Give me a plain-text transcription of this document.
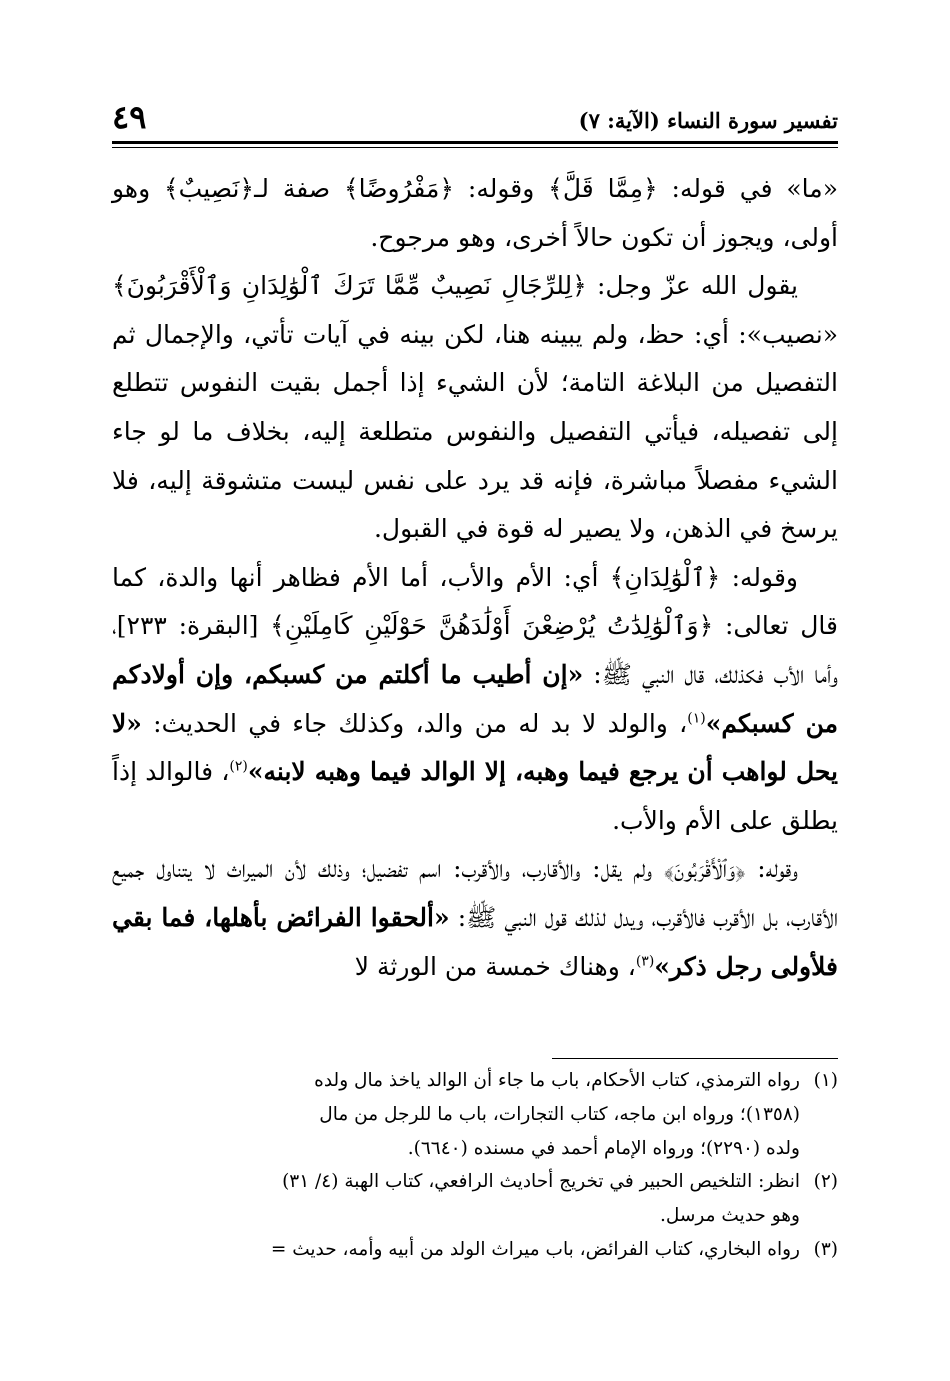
تفسير سورة النساء (الآية: ٧)
٤٩

«ما» في قوله: ﴿مِمَّا قَلَّ﴾ وقوله: ﴿مَفْرُوضًا﴾ صفة لـ﴿نَصِيبٌ﴾ وهو أولى، ويجوز أن تكون حالاً أخرى، وهو مرجوح.

يقول الله عزّ وجل: ﴿لِلرِّجَالِ نَصِيبٌ مِّمَّا تَرَكَ ٱلْوَٰلِدَانِ وَٱلْأَقْرَبُونَ﴾ «نصيب»: أي: حظ، ولم يبينه هنا، لكن بينه في آيات تأتي، والإجمال ثم التفصيل من البلاغة التامة؛ لأن الشيء إذا أجمل بقيت النفوس تتطلع إلى تفصيله، فيأتي التفصيل والنفوس متطلعة إليه، بخلاف ما لو جاء الشيء مفصلاً مباشرة، فإنه قد يرد على نفس ليست متشوقة إليه، فلا يرسخ في الذهن، ولا يصير له قوة في القبول.

وقوله: ﴿ٱلْوَٰلِدَانِ﴾ أي: الأم والأب، أما الأم فظاهر أنها والدة، كما قال تعالى: ﴿وَٱلْوَٰلِدَٰتُ يُرْضِعْنَ أَوْلَٰدَهُنَّ حَوْلَيْنِ كَامِلَيْنِ﴾ [البقرة: ٢٣٣]، وأما الأب فكذلك، قال النبي ﷺ: «إن أطيب ما أكلتم من كسبكم، وإن أولادكم من كسبكم»$^{(١)}$، والولد لا بد له من والد، وكذلك جاء في الحديث: «لا يحل لواهب أن يرجع فيما وهبه، إلا الوالد فيما وهبه لابنه»$^{(٢)}$، فالوالد إذاً يطلق على الأم والأب.

وقوله: ﴿وَٱلْأَقْرَبُونَ﴾ ولم يقل: والأقارب، والأقرب: اسم تفضيل؛ وذلك لأن الميراث لا يتناول جميع الأقارب، بل الأقرب فالأقرب، ويدل لذلك قول النبي ﷺ: «ألحقوا الفرائض بأهلها، فما بقي فلأولى رجل ذكر»$^{(٣)}$، وهناك خمسة من الورثة لا

(١)رواه الترمذي، كتاب الأحكام، باب ما جاء أن الوالد ياخذ مال ولده

(١٣٥٨)؛ ورواه ابن ماجه، كتاب التجارات، باب ما للرجل من مال

ولده (٢٢٩٠)؛ ورواه الإمام أحمد في مسنده (٦٦٤٠).

(٢)انظر: التلخيص الحبير في تخريج أحاديث الرافعي، كتاب الهبة (٤/ ٣١)

وهو حديث مرسل.

(٣)رواه البخاري، كتاب الفرائض، باب ميراث الولد من أبيه وأمه، حديث =
